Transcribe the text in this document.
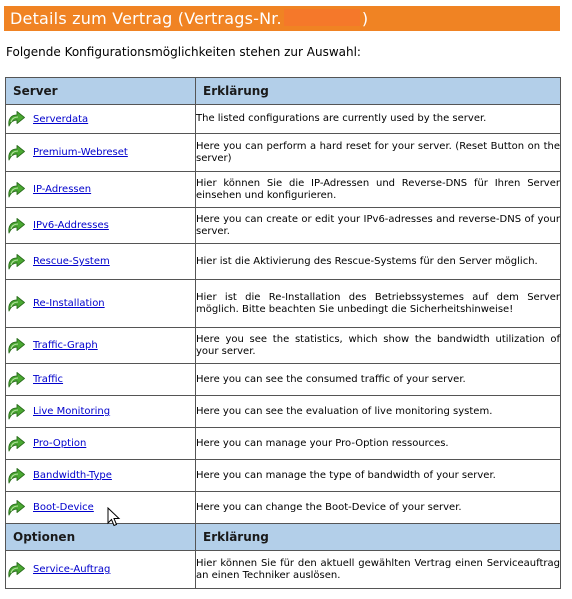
Details zum Vertrag (Vertrags-Nr.	)
Folgende Konfigurationsmöglichkeiten stehen zur Auswahl:
Server	Erklärung

Serverdata	The listed configurations are currently used by the server.

Premium-Webreset	Here you can perform a hard reset for your server. (Reset Button on the server)

IP-Adressen	Hier können Sie die IP-Adressen und Reverse-DNS für Ihren Server einsehen und konfigurieren.

IPv6-Addresses	Here you can create or edit your IPv6-adresses and reverse-DNS of your server.

Rescue-System	Hier ist die Aktivierung des Rescue-Systems für den Server möglich.

Re-Installation	Hier ist die Re-Installation des Betriebssystemes auf dem Server möglich. Bitte beachten Sie unbedingt die Sicherheitshinweise!

Traffic-Graph	Here you see the statistics, which show the bandwidth utilization of your server.

Traffic	Here you can see the consumed traffic of your server.

Live Monitoring	Here you can see the evaluation of live monitoring system.

Pro-Option	Here you can manage your Pro-Option ressources.

Bandwidth-Type	Here you can manage the type of bandwidth of your server.

Boot-Device	Here you can change the Boot-Device of your server.
Optionen	Erklärung

Service-Auftrag	Hier können Sie für den aktuell gewählten Vertrag einen Serviceauftrag an einen Techniker auslösen.
